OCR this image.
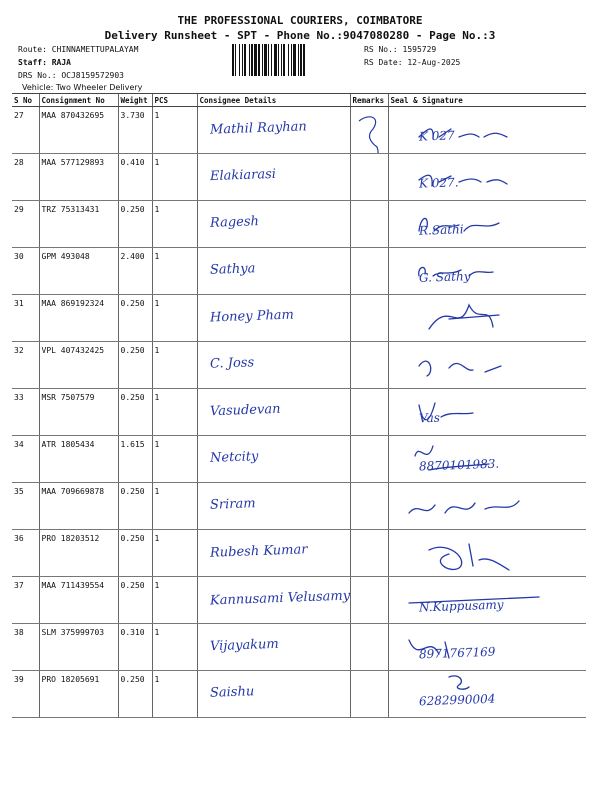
THE PROFESSIONAL COURIERS, COIMBATORE
Delivery Runsheet - SPT - Phone No.:9047080280 - Page No.:3
Route: CHINNAMETTUPALAYAM
Staff: RAJA
DRS No.: OCJ8159572903
Vehicle: Two Wheeler Delivery
RS No.: 1595729
RS Date: 12-Aug-2025
S No	Consignment No	Weight	PCS	Consignee Details	Remarks	Seal & Signature
27	MAA 870432695	3.730	1	Mathil Rayhan		K 027

28	MAA 577129893	0.410	1	Elakiarasi		K 027.

29	TRZ 75313431	0.250	1	Ragesh		R.Sathi

30	GPM 493048	2.400	1	Sathya		G. Sathy

31	MAA 869192324	0.250	1	Honey Pham

32	VPL 407432425	0.250	1	C. Joss

33	MSR 7507579	0.250	1	Vasudevan		Vas

34	ATR 1805434	1.615	1	Netcity		8870101983.

35	MAA 709669878	0.250	1	Sriram

36	PRO 18203512	0.250	1	Rubesh Kumar

37	MAA 711439554	0.250	1	Kannusami Velusamy		N.Kuppusamy

38	SLM 375999703	0.310	1	Vijayakum		8971767169

39	PRO 18205691	0.250	1	Saishu		6282990004
